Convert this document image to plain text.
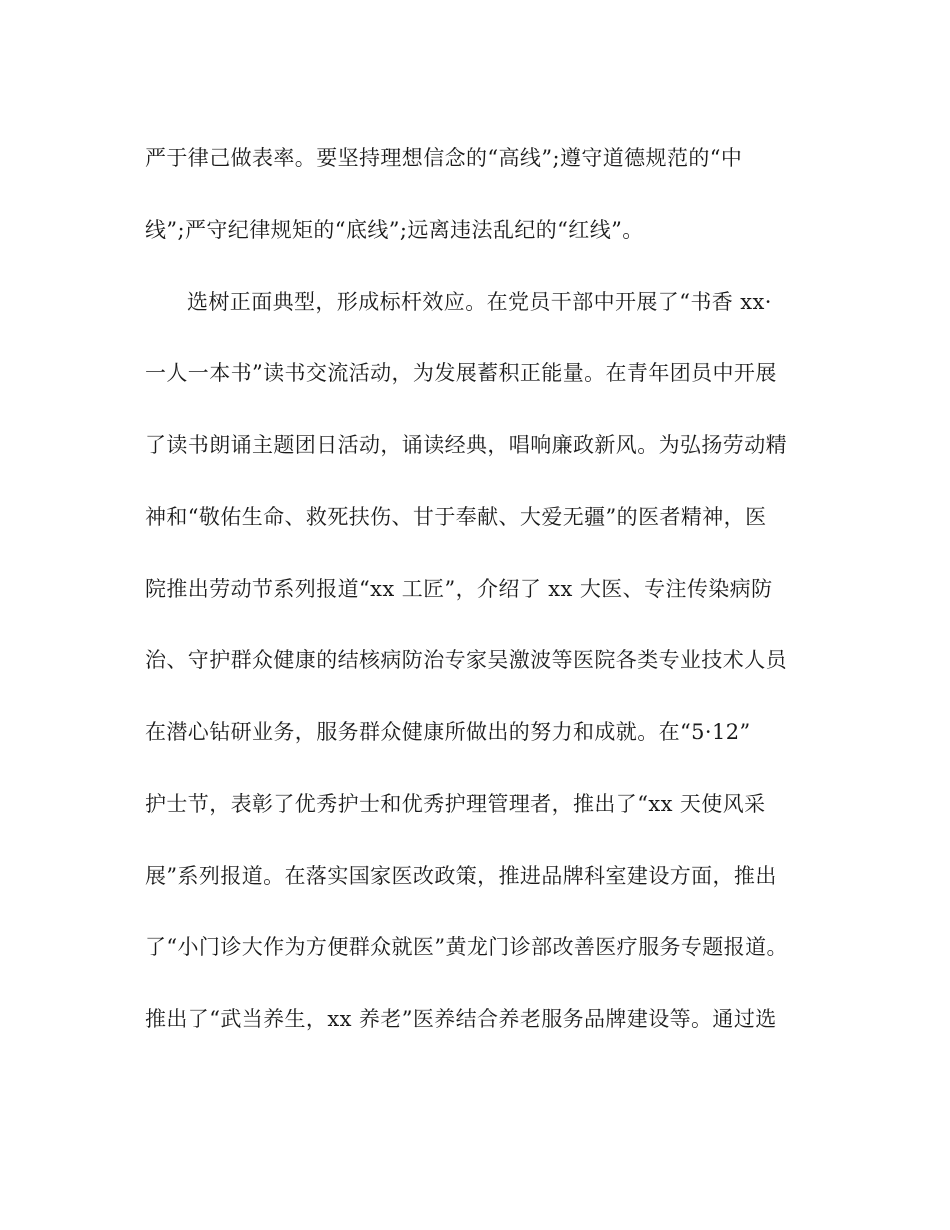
严于律己做表率。要坚持理想信念的“高线”;遵守道德规范的“中
线”;严守纪律规矩的“底线”;远离违法乱纪的“红线”。
选树正面典型，形成标杆效应。在党员干部中开展了“书香 xx·
一人一本书”读书交流活动，为发展蓄积正能量。在青年团员中开展
了读书朗诵主题团日活动，诵读经典，唱响廉政新风。为弘扬劳动精
神和“敬佑生命、救死扶伤、甘于奉献、大爱无疆”的医者精神，医
院推出劳动节系列报道“xx 工匠”，介绍了 xx 大医、专注传染病防
治、守护群众健康的结核病防治专家吴激波等医院各类专业技术人员
在潜心钻研业务，服务群众健康所做出的努力和成就。在“5·12”
护士节，表彰了优秀护士和优秀护理管理者，推出了“xx 天使风采
展”系列报道。在落实国家医改政策，推进品牌科室建设方面，推出
了“小门诊大作为方便群众就医”黄龙门诊部改善医疗服务专题报道。
推出了“武当养生，xx 养老”医养结合养老服务品牌建设等。通过选
